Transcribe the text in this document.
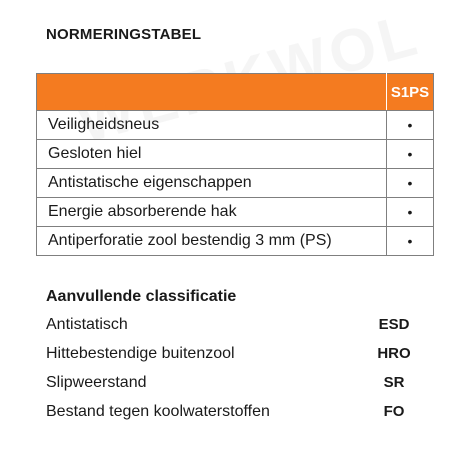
NORMERINGSTABEL
	S1PS
Veiligheidsneus	•
Gesloten hiel	•
Antistatische eigenschappen	•
Energie absorberende hak	•
Antiperforatie zool bestendig 3 mm (PS)	•
Aanvullende classificatie
Antistatisch	ESD
Hittebestendige buitenzool	HRO
Slipweerstand	SR
Bestand tegen koolwaterstoffen	FO
